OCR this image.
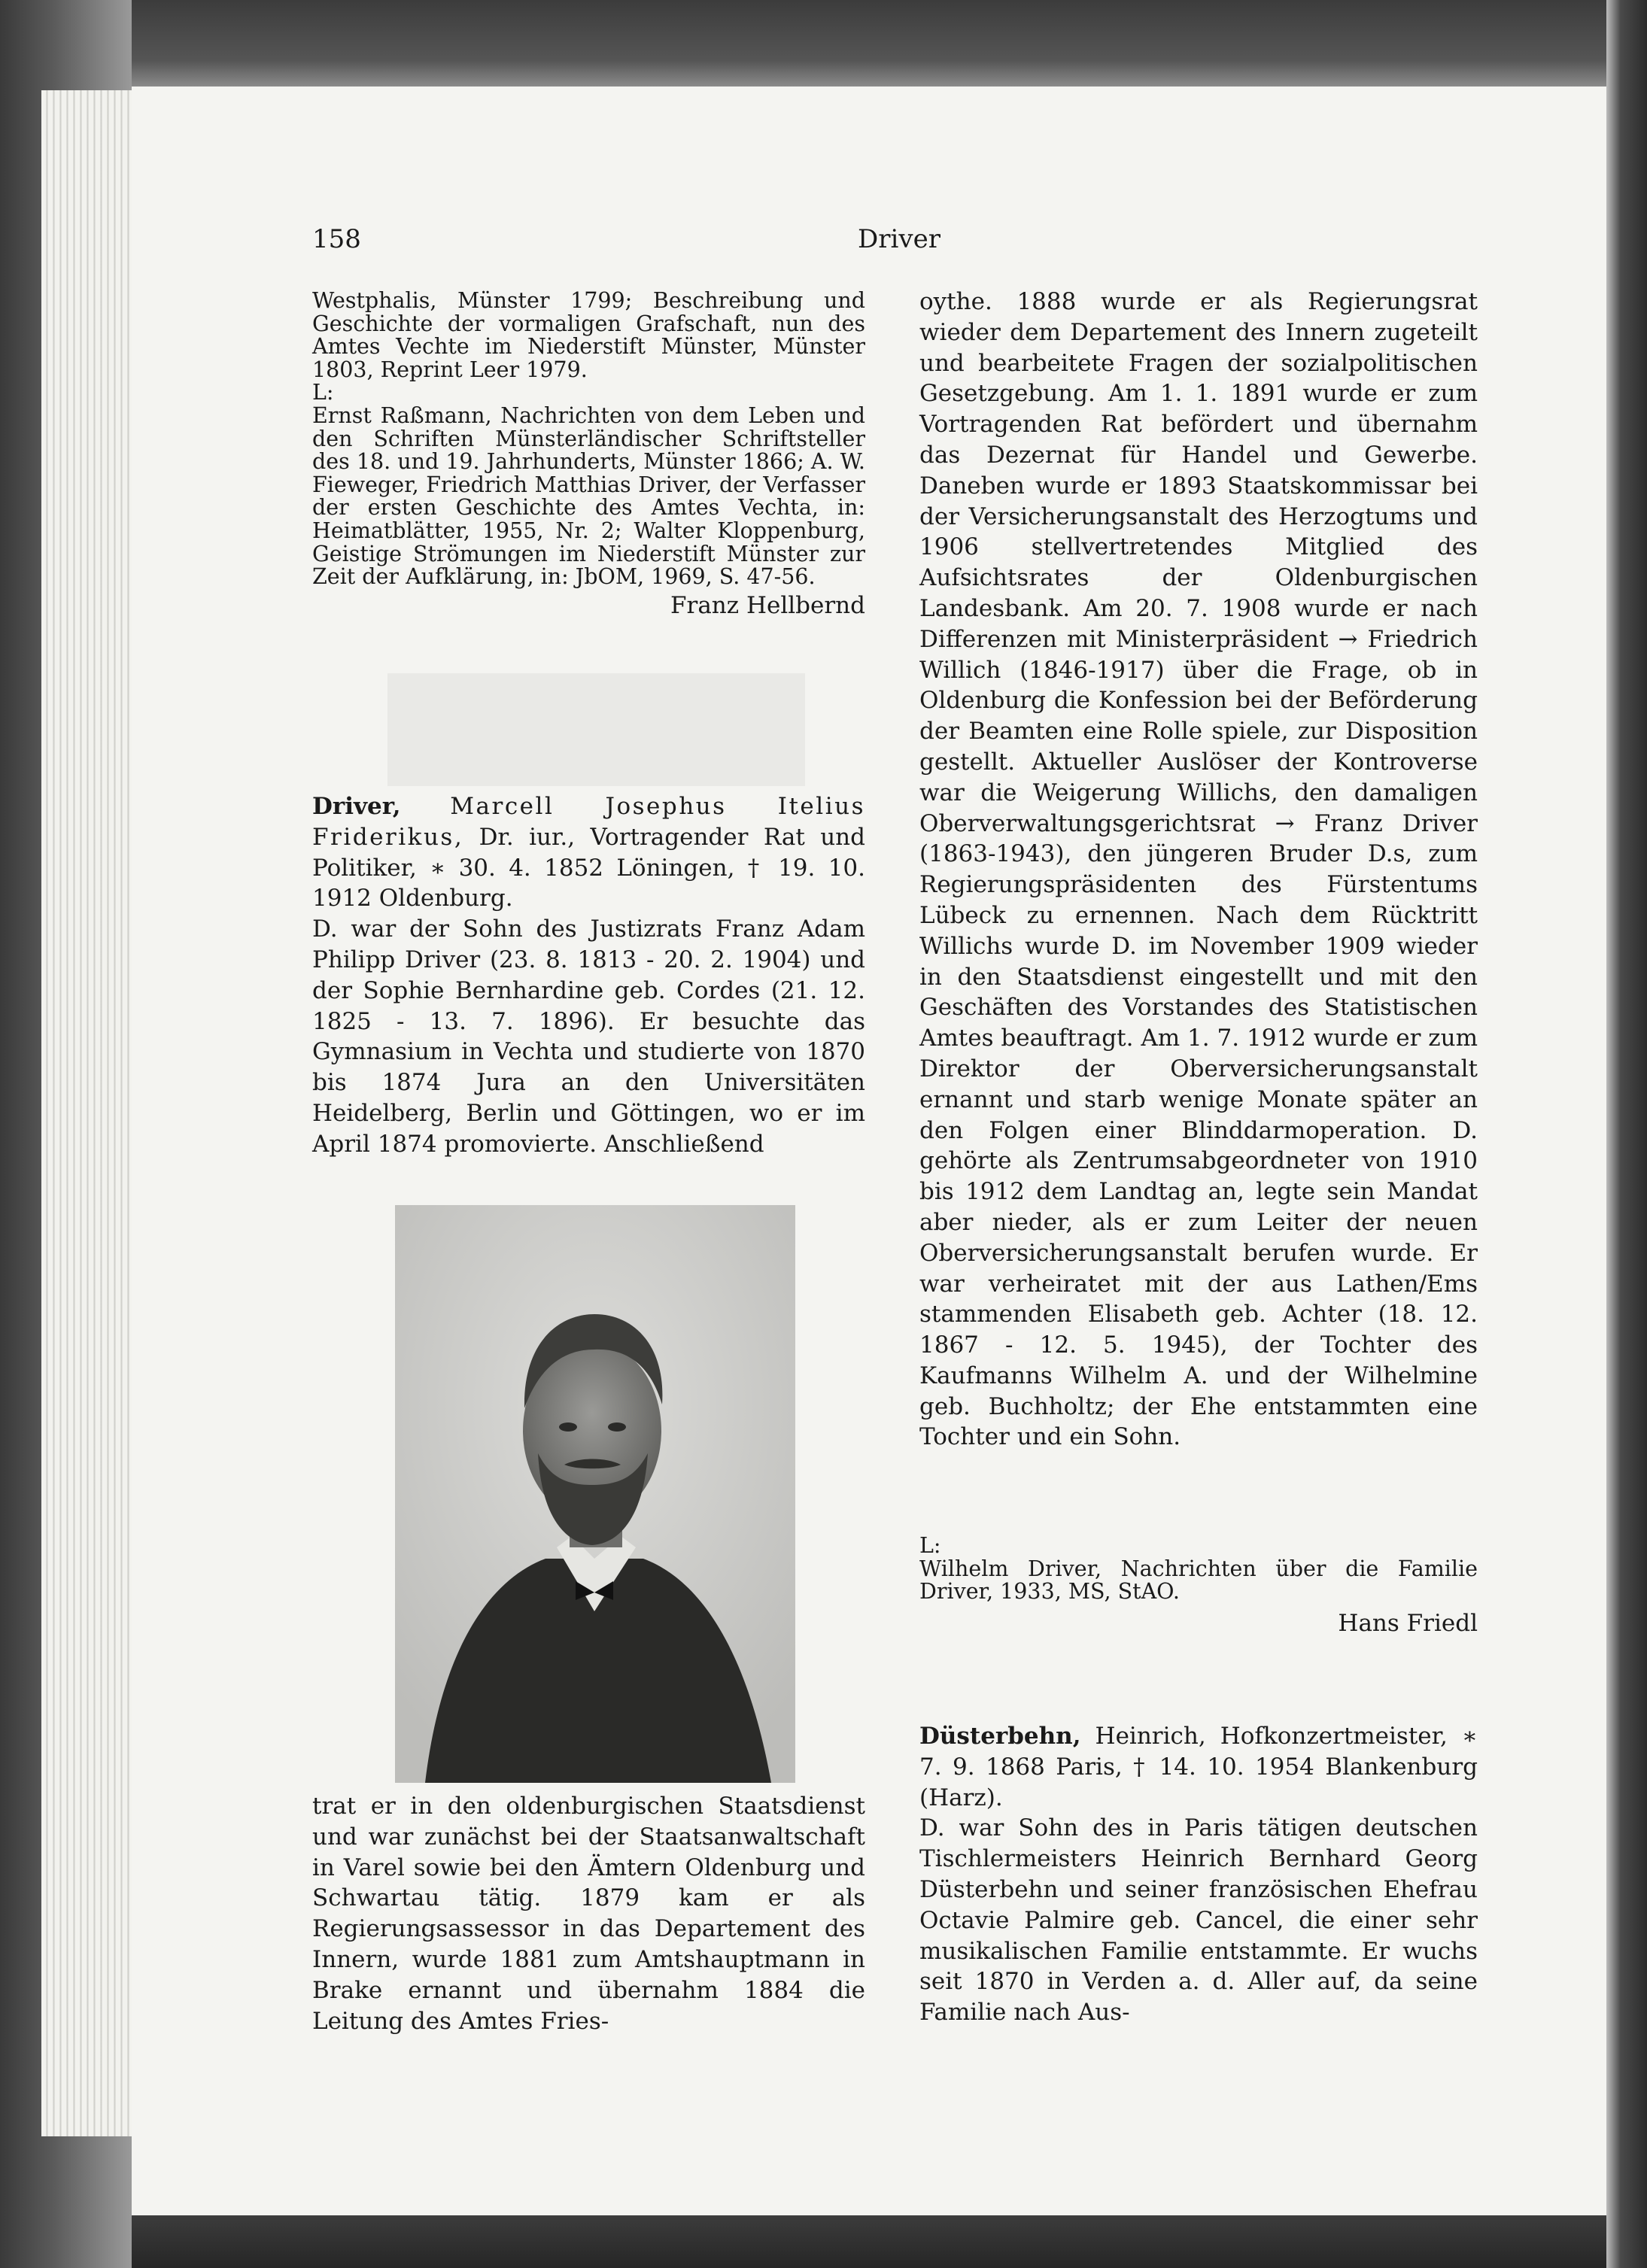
158	Driver

Westphalis, Münster 1799; Beschreibung und Geschichte der vormaligen Grafschaft, nun des Amtes Vechte im Niederstift Münster, Münster 1803, Reprint Leer 1979.

L:

Ernst Raßmann, Nachrichten von dem Leben und den Schriften Münsterländischer Schriftsteller des 18. und 19. Jahrhunderts, Münster 1866; A. W. Fieweger, Friedrich Matthias Driver, der Verfasser der ersten Geschichte des Amtes Vechta, in: Heimatblätter, 1955, Nr. 2; Walter Kloppenburg, Geistige Strömungen im Niederstift Münster zur Zeit der Aufklärung, in: JbOM, 1969, S. 47-56.

Franz Hellbernd

Driver, Marcell Josephus Itelius Friderikus, Dr. iur., Vortragender Rat und Politiker, ∗ 30. 4. 1852 Löningen, † 19. 10. 1912 Oldenburg.

D. war der Sohn des Justizrats Franz Adam Philipp Driver (23. 8. 1813 - 20. 2. 1904) und der Sophie Bernhardine geb. Cordes (21. 12. 1825 - 13. 7. 1896). Er besuchte das Gymnasium in Vechta und studierte von 1870 bis 1874 Jura an den Universitäten Heidelberg, Berlin und Göttingen, wo er im April 1874 promovierte. Anschließend

trat er in den oldenburgischen Staatsdienst und war zunächst bei der Staatsanwaltschaft in Varel sowie bei den Ämtern Oldenburg und Schwartau tätig. 1879 kam er als Regierungsassessor in das Departement des Innern, wurde 1881 zum Amtshauptmann in Brake ernannt und übernahm 1884 die Leitung des Amtes Fries-

oythe. 1888 wurde er als Regierungsrat wieder dem Departement des Innern zugeteilt und bearbeitete Fragen der sozialpolitischen Gesetzgebung. Am 1. 1. 1891 wurde er zum Vortragenden Rat befördert und übernahm das Dezernat für Handel und Gewerbe. Daneben wurde er 1893 Staatskommissar bei der Versicherungsanstalt des Herzogtums und 1906 stellvertretendes Mitglied des Aufsichtsrates der Oldenburgischen Landesbank. Am 20. 7. 1908 wurde er nach Differenzen mit Ministerpräsident → Friedrich Willich (1846-1917) über die Frage, ob in Oldenburg die Konfession bei der Beförderung der Beamten eine Rolle spiele, zur Disposition gestellt. Aktueller Auslöser der Kontroverse war die Weigerung Willichs, den damaligen Oberverwaltungsgerichtsrat → Franz Driver (1863-1943), den jüngeren Bruder D.s, zum Regierungspräsidenten des Fürstentums Lübeck zu ernennen. Nach dem Rücktritt Willichs wurde D. im November 1909 wieder in den Staatsdienst eingestellt und mit den Geschäften des Vorstandes des Statistischen Amtes beauftragt. Am 1. 7. 1912 wurde er zum Direktor der Oberversicherungsanstalt ernannt und starb wenige Monate später an den Folgen einer Blinddarmoperation. D. gehörte als Zentrumsabgeordneter von 1910 bis 1912 dem Landtag an, legte sein Mandat aber nieder, als er zum Leiter der neuen Oberversicherungsanstalt berufen wurde. Er war verheiratet mit der aus Lathen/Ems stammenden Elisabeth geb. Achter (18. 12. 1867 - 12. 5. 1945), der Tochter des Kaufmanns Wilhelm A. und der Wilhelmine geb. Buchholtz; der Ehe entstammten eine Tochter und ein Sohn.

L:

Wilhelm Driver, Nachrichten über die Familie Driver, 1933, MS, StAO.

Hans Friedl

Düsterbehn, Heinrich, Hofkonzertmeister, ∗ 7. 9. 1868 Paris, † 14. 10. 1954 Blankenburg (Harz).

D. war Sohn des in Paris tätigen deutschen Tischlermeisters Heinrich Bernhard Georg Düsterbehn und seiner französischen Ehefrau Octavie Palmire geb. Cancel, die einer sehr musikalischen Familie entstammte. Er wuchs seit 1870 in Verden a. d. Aller auf, da seine Familie nach Aus-
